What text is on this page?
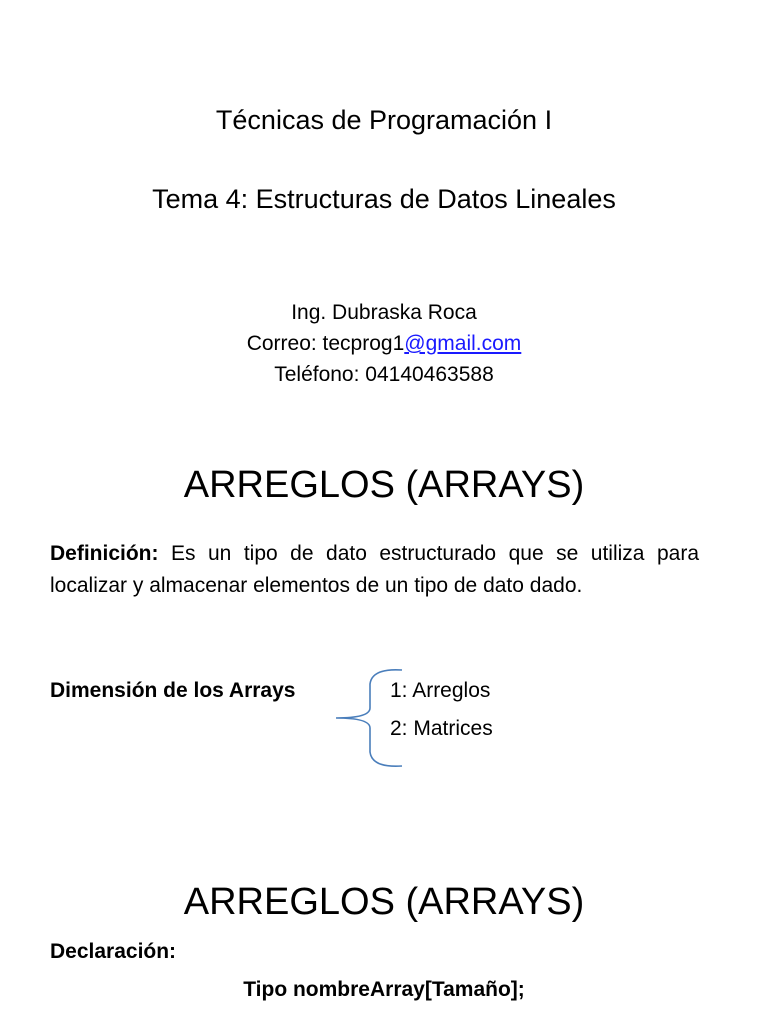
Técnicas de Programación I
Tema 4: Estructuras de Datos Lineales
Ing. Dubraska Roca
Correo: tecprog1@gmail.com
Teléfono: 04140463588
ARREGLOS (ARRAYS)
Definición: Es un tipo de dato estructurado que se utiliza para localizar y almacenar elementos de un tipo de dato dado.
Dimensión de los Arrays	1: Arreglos
2: Matrices
ARREGLOS (ARRAYS)
Declaración:
Tipo nombreArray[Tamaño];
